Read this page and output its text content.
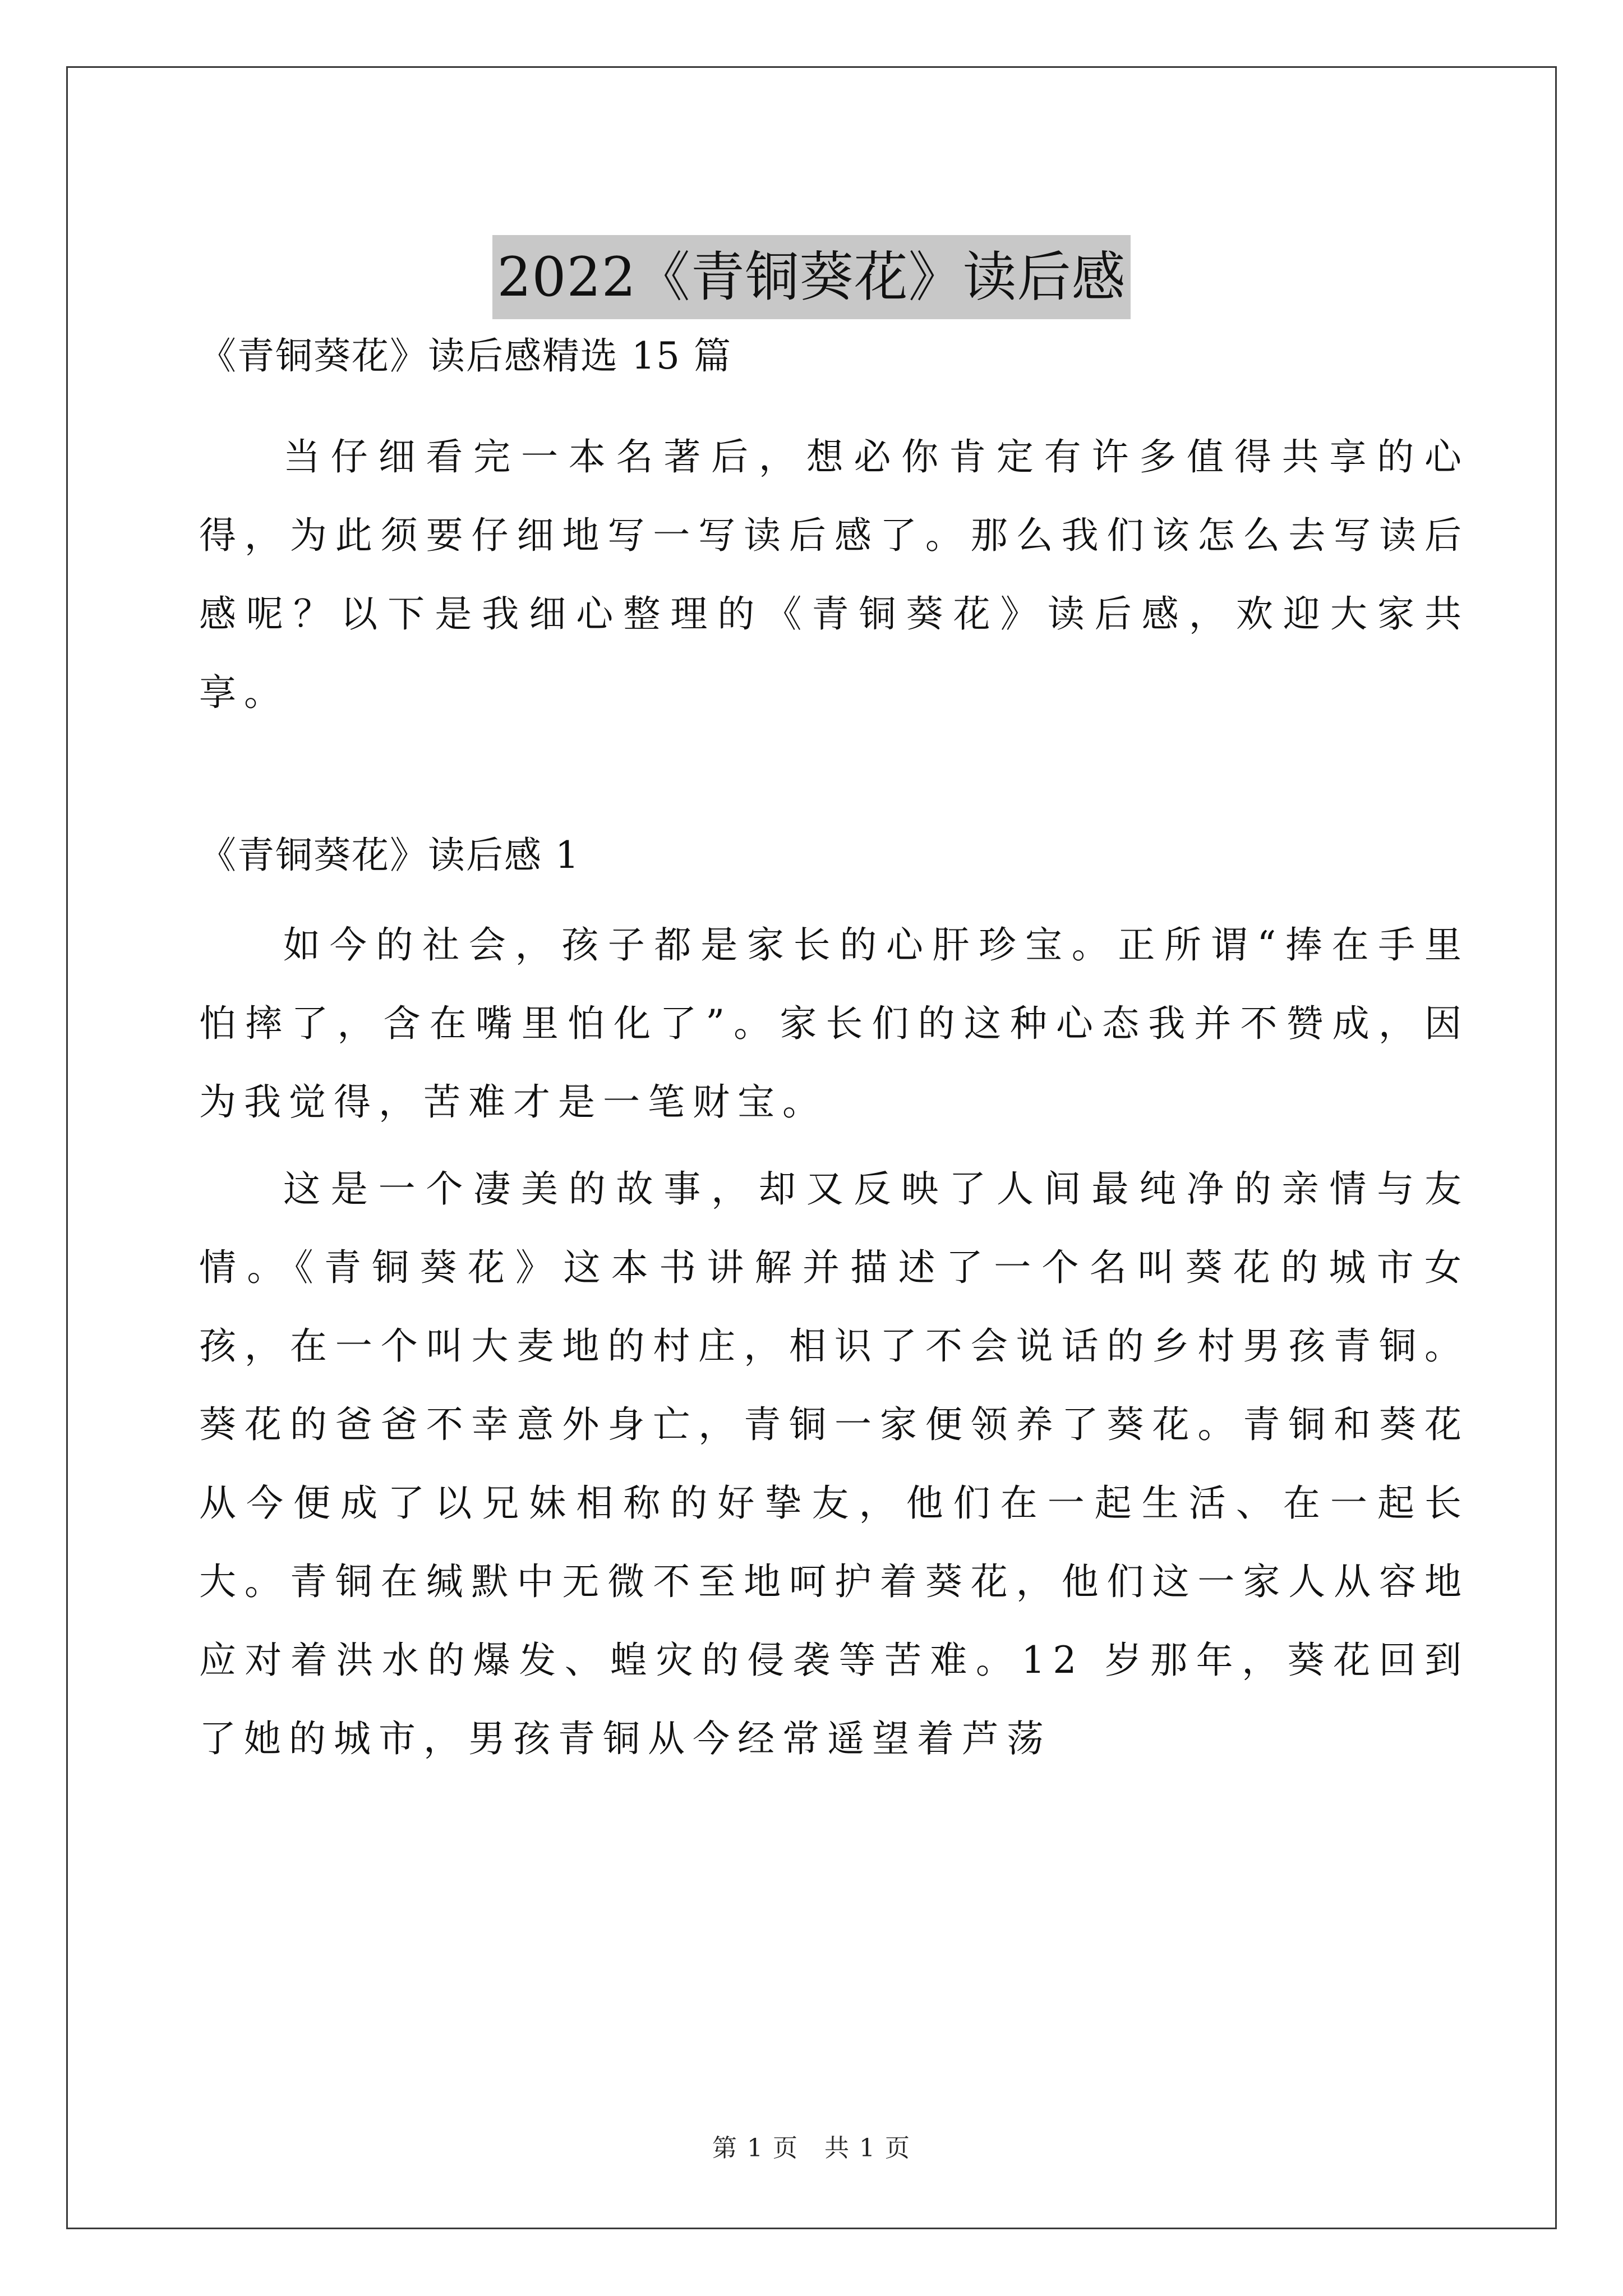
2022《青铜葵花》读后感
《青铜葵花》读后感精选 15 篇

当仔细看完一本名著后，想必你肯定有许多值得共享的心得，为此须要仔细地写一写读后感了。那么我们该怎么去写读后感呢？以下是我细心整理的《青铜葵花》读后感，欢迎大家共享。

《青铜葵花》读后感 1

如今的社会，孩子都是家长的心肝珍宝。正所谓“捧在手里怕摔了，含在嘴里怕化了”。家长们的这种心态我并不赞成，因为我觉得，苦难才是一笔财宝。

这是一个凄美的故事，却又反映了人间最纯净的亲情与友情。《青铜葵花》这本书讲解并描述了一个名叫葵花的城市女孩，在一个叫大麦地的村庄，相识了不会说话的乡村男孩青铜。葵花的爸爸不幸意外身亡，青铜一家便领养了葵花。青铜和葵花从今便成了以兄妹相称的好挚友，他们在一起生活、在一起长大。青铜在缄默中无微不至地呵护着葵花，他们这一家人从容地应对着洪水的爆发、蝗灾的侵袭等苦难。12 岁那年，葵花回到了她的城市，男孩青铜从今经常遥望着芦荡

第 1 页　共 1 页
